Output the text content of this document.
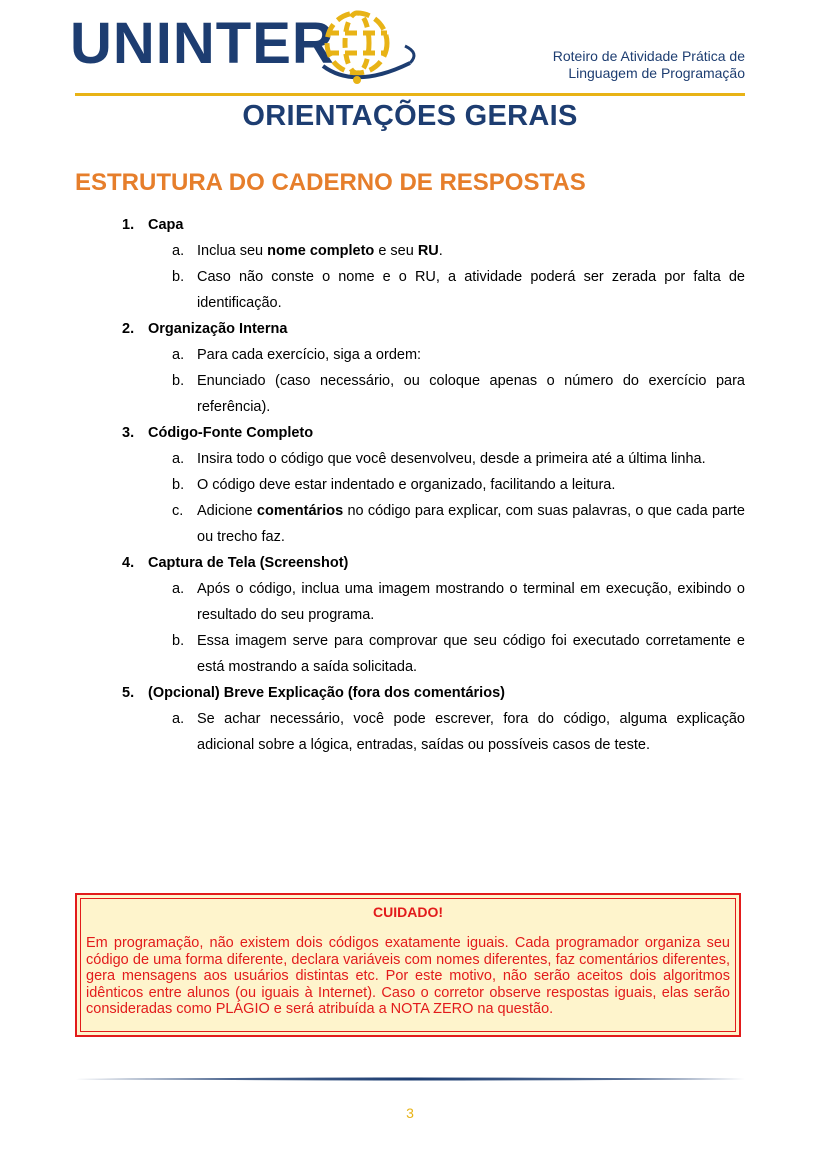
UNINTER	Roteiro de Atividade Prática de
Linguagem de Programação
ORIENTAÇÕES GERAIS
ESTRUTURA DO CADERNO DE RESPOSTAS
1. Capa
a. Inclua seu nome completo e seu RU.
b. Caso não conste o nome e o RU, a atividade poderá ser zerada por falta de identificação.
2. Organização Interna
a. Para cada exercício, siga a ordem:
b. Enunciado (caso necessário, ou coloque apenas o número do exercício para referência).
3. Código-Fonte Completo
a. Insira todo o código que você desenvolveu, desde a primeira até a última linha.
b. O código deve estar indentado e organizado, facilitando a leitura.
c. Adicione comentários no código para explicar, com suas palavras, o que cada parte ou trecho faz.
4. Captura de Tela (Screenshot)
a. Após o código, inclua uma imagem mostrando o terminal em execução, exibindo o resultado do seu programa.
b. Essa imagem serve para comprovar que seu código foi executado corretamente e está mostrando a saída solicitada.
5. (Opcional) Breve Explicação (fora dos comentários)
a. Se achar necessário, você pode escrever, fora do código, alguma explicação adicional sobre a lógica, entradas, saídas ou possíveis casos de teste.
CUIDADO!
Em programação, não existem dois códigos exatamente iguais. Cada programador organiza seu código de uma forma diferente, declara variáveis com nomes diferentes, faz comentários diferentes, gera mensagens aos usuários distintas etc. Por este motivo, não serão aceitos dois algoritmos idênticos entre alunos (ou iguais à Internet). Caso o corretor observe respostas iguais, elas serão consideradas como PLÁGIO e será atribuída a NOTA ZERO na questão.
3
